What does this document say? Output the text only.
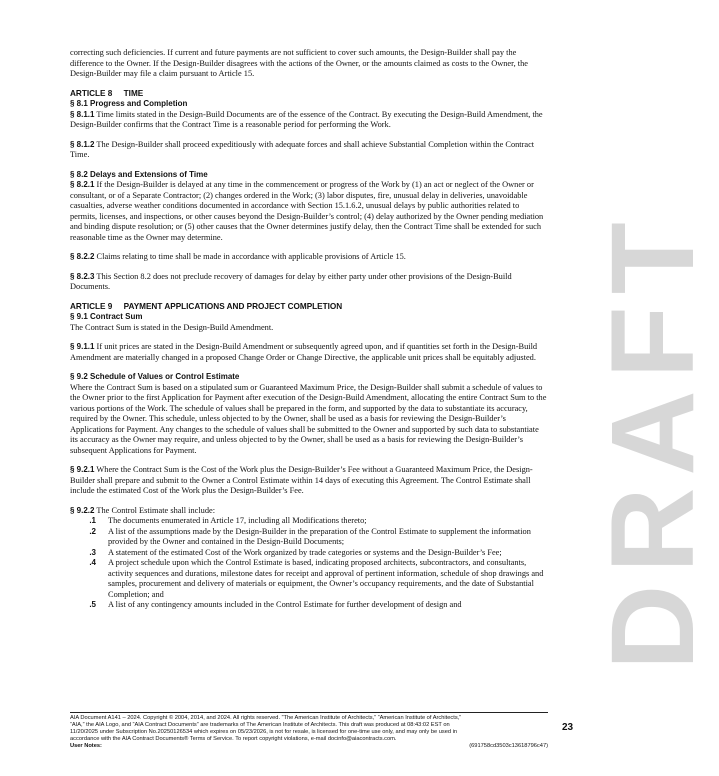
DRAFT

correcting such deficiencies. If current and future payments are not sufficient to cover such amounts, the Design-Builder shall pay the difference to the Owner. If the Design-Builder disagrees with the actions of the Owner, or the amounts claimed as costs to the Owner, the Design-Builder may file a claim pursuant to Article 15.

ARTICLE 8     TIME

§ 8.1 Progress and Completion

§ 8.1.1 Time limits stated in the Design-Build Documents are of the essence of the Contract. By executing the Design-Build Amendment, the Design-Builder confirms that the Contract Time is a reasonable period for performing the Work.

§ 8.1.2 The Design-Builder shall proceed expeditiously with adequate forces and shall achieve Substantial Completion within the Contract Time.

§ 8.2 Delays and Extensions of Time

§ 8.2.1 If the Design-Builder is delayed at any time in the commencement or progress of the Work by (1) an act or neglect of the Owner or consultant, or of a Separate Contractor; (2) changes ordered in the Work; (3) labor disputes, fire, unusual delay in deliveries, unavoidable casualties, adverse weather conditions documented in accordance with Section 15.1.6.2, unusual delays by public authorities related to permits, licenses, and inspections, or other causes beyond the Design-Builder’s control; (4) delay authorized by the Owner pending mediation and binding dispute resolution; or (5) other causes that the Owner determines justify delay, then the Contract Time shall be extended for such reasonable time as the Owner may determine.

§ 8.2.2 Claims relating to time shall be made in accordance with applicable provisions of Article 15.

§ 8.2.3 This Section 8.2 does not preclude recovery of damages for delay by either party under other provisions of the Design-Build Documents.

ARTICLE 9     PAYMENT APPLICATIONS AND PROJECT COMPLETION

§ 9.1 Contract Sum

The Contract Sum is stated in the Design-Build Amendment.

§ 9.1.1 If unit prices are stated in the Design-Build Amendment or subsequently agreed upon, and if quantities set forth in the Design-Build Amendment are materially changed in a proposed Change Order or Change Directive, the applicable unit prices shall be equitably adjusted.

§ 9.2 Schedule of Values or Control Estimate

Where the Contract Sum is based on a stipulated sum or Guaranteed Maximum Price, the Design-Builder shall submit a schedule of values to the Owner prior to the first Application for Payment after execution of the Design-Build Amendment, allocating the entire Contract Sum to the various portions of the Work. The schedule of values shall be prepared in the form, and supported by the data to substantiate its accuracy, required by the Owner. This schedule, unless objected to by the Owner, shall be used as a basis for reviewing the Design-Builder’s Applications for Payment. Any changes to the schedule of values shall be submitted to the Owner and supported by such data to substantiate its accuracy as the Owner may require, and unless objected to by the Owner, shall be used as a basis for reviewing the Design-Builder’s subsequent Applications for Payment.

§ 9.2.1 Where the Contract Sum is the Cost of the Work plus the Design-Builder’s Fee without a Guaranteed Maximum Price, the Design-Builder shall prepare and submit to the Owner a Control Estimate within 14 days of executing this Agreement. The Control Estimate shall include the estimated Cost of the Work plus the Design-Builder’s Fee.

§ 9.2.2 The Control Estimate shall include:

.1	The documents enumerated in Article 17, including all Modifications thereto;
.2	A list of the assumptions made by the Design-Builder in the preparation of the Control Estimate to supplement the information provided by the Owner and contained in the Design-Build Documents;
.3	A statement of the estimated Cost of the Work organized by trade categories or systems and the Design-Builder’s Fee;
.4	A project schedule upon which the Control Estimate is based, indicating proposed architects, subcontractors, and consultants, activity sequences and durations, milestone dates for receipt and approval of pertinent information, schedule of shop drawings and samples, procurement and delivery of materials or equipment, the Owner’s occupancy requirements, and the date of Substantial Completion; and
.5	A list of any contingency amounts included in the Control Estimate for further development of design and
AIA Document A141 – 2024. Copyright © 2004, 2014, and 2024. All rights reserved. “The American Institute of Architects,” “American Institute of Architects,”
“AIA,” the AIA Logo, and “AIA Contract Documents” are trademarks of The American Institute of Architects. This draft was produced at 08:43:02 EST on
11/20/2025 under Subscription No.20250126534 which expires on 05/23/2026, is not for resale, is licensed for one-time use only, and may only be used in
accordance with the AIA Contract Documents® Terms of Service. To report copyright violations, e-mail docinfo@aiacontracts.com.
User Notes:	(691758cd3503c13618796c47)
23
